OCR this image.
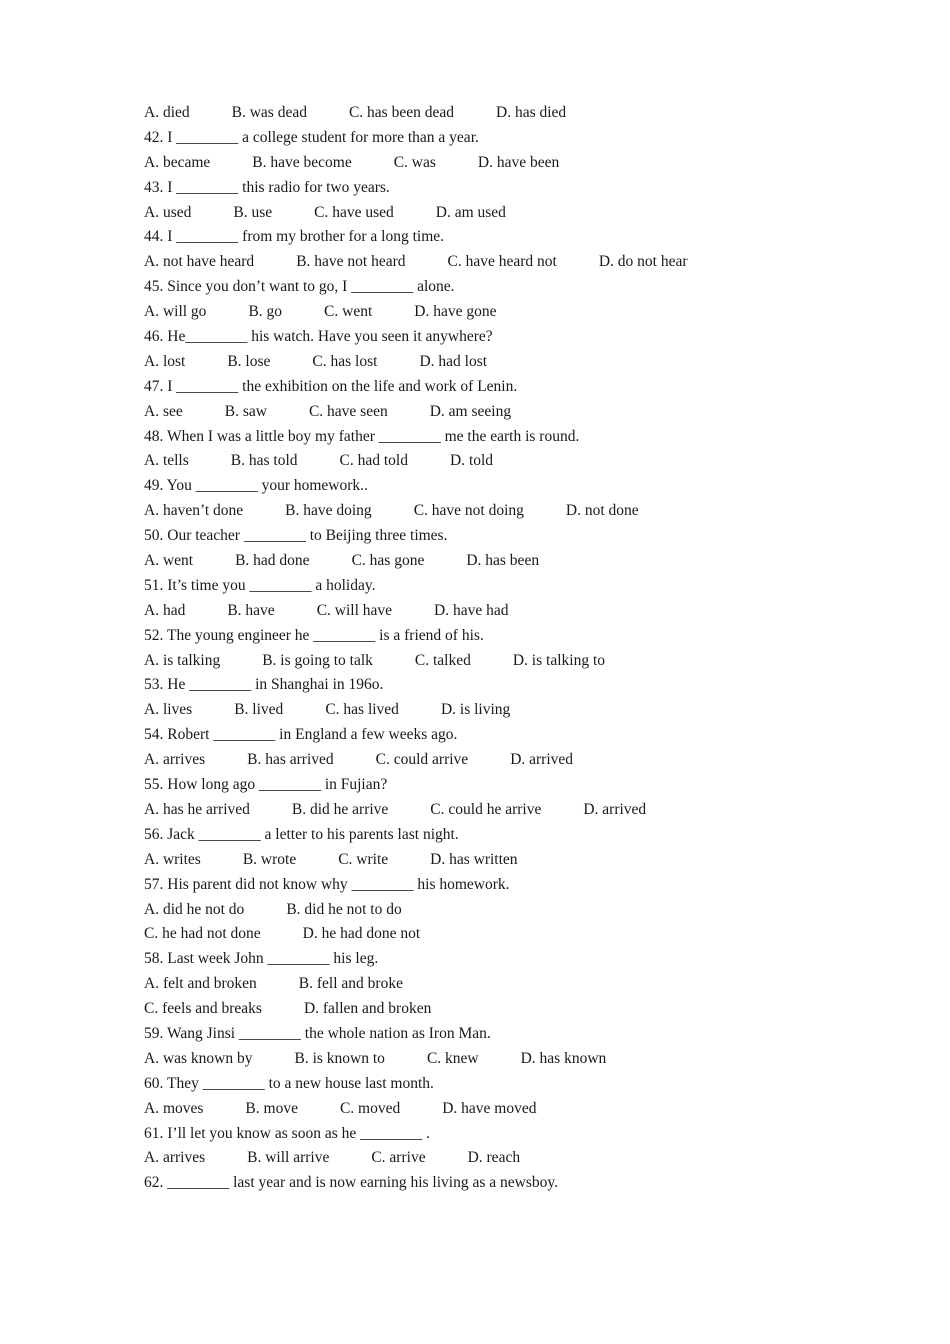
A. died	B. was dead	C. has been dead	D. has died
42. I ________ a college student for more than a year.
A. became	B. have become	C. was	D. have been
43. I ________ this radio for two years.
A. used	B. use	C. have used	D. am used
44. I ________ from my brother for a long time.
A. not have heard	B. have not heard	C. have heard not	D. do not hear
45. Since you don’t want to go, I ________ alone.
A. will go	B. go	C. went	D. have gone
46. He________ his watch. Have you seen it anywhere?
A. lost	B. lose	C. has lost	D. had lost
47. I ________ the exhibition on the life and work of Lenin.
A. see	B. saw	C. have seen	D. am seeing
48. When I was a little boy my father ________ me the earth is round.
A. tells	B. has told	C. had told	D. told
49. You ________ your homework..
A. haven’t done	B. have doing	C. have not doing	D. not done
50. Our teacher ________ to Beijing three times.
A. went	B. had done	C. has gone	D. has been
51. It’s time you ________ a holiday.
A. had	B. have	C. will have	D. have had
52. The young engineer he ________ is a friend of his.
A. is talking	B. is going to talk	C. talked	D. is talking to
53. He ________ in Shanghai in 196o.
A. lives	B. lived	C. has lived	D. is living
54. Robert ________ in England a few weeks ago.
A. arrives	B. has arrived	C. could arrive	D. arrived
55. How long ago ________ in Fujian?
A. has he arrived	B. did he arrive	C. could he arrive	D. arrived
56. Jack ________ a letter to his parents last night.
A. writes	B. wrote	C. write	D. has written
57. His parent did not know why ________ his homework.
A. did he not do	B. did he not to do
C. he had not done	D. he had done not
58. Last week John ________ his leg.
A. felt and broken	B. fell and broke
C. feels and breaks	D. fallen and broken
59. Wang Jinsi ________ the whole nation as Iron Man.
A. was known by	B. is known to	C. knew	D. has known
60. They ________ to a new house last month.
A. moves	B. move	C. moved	D. have moved
61. I’ll let you know as soon as he ________ .
A. arrives	B. will arrive	C. arrive	D. reach
62. ________ last year and is now earning his living as a newsboy.
